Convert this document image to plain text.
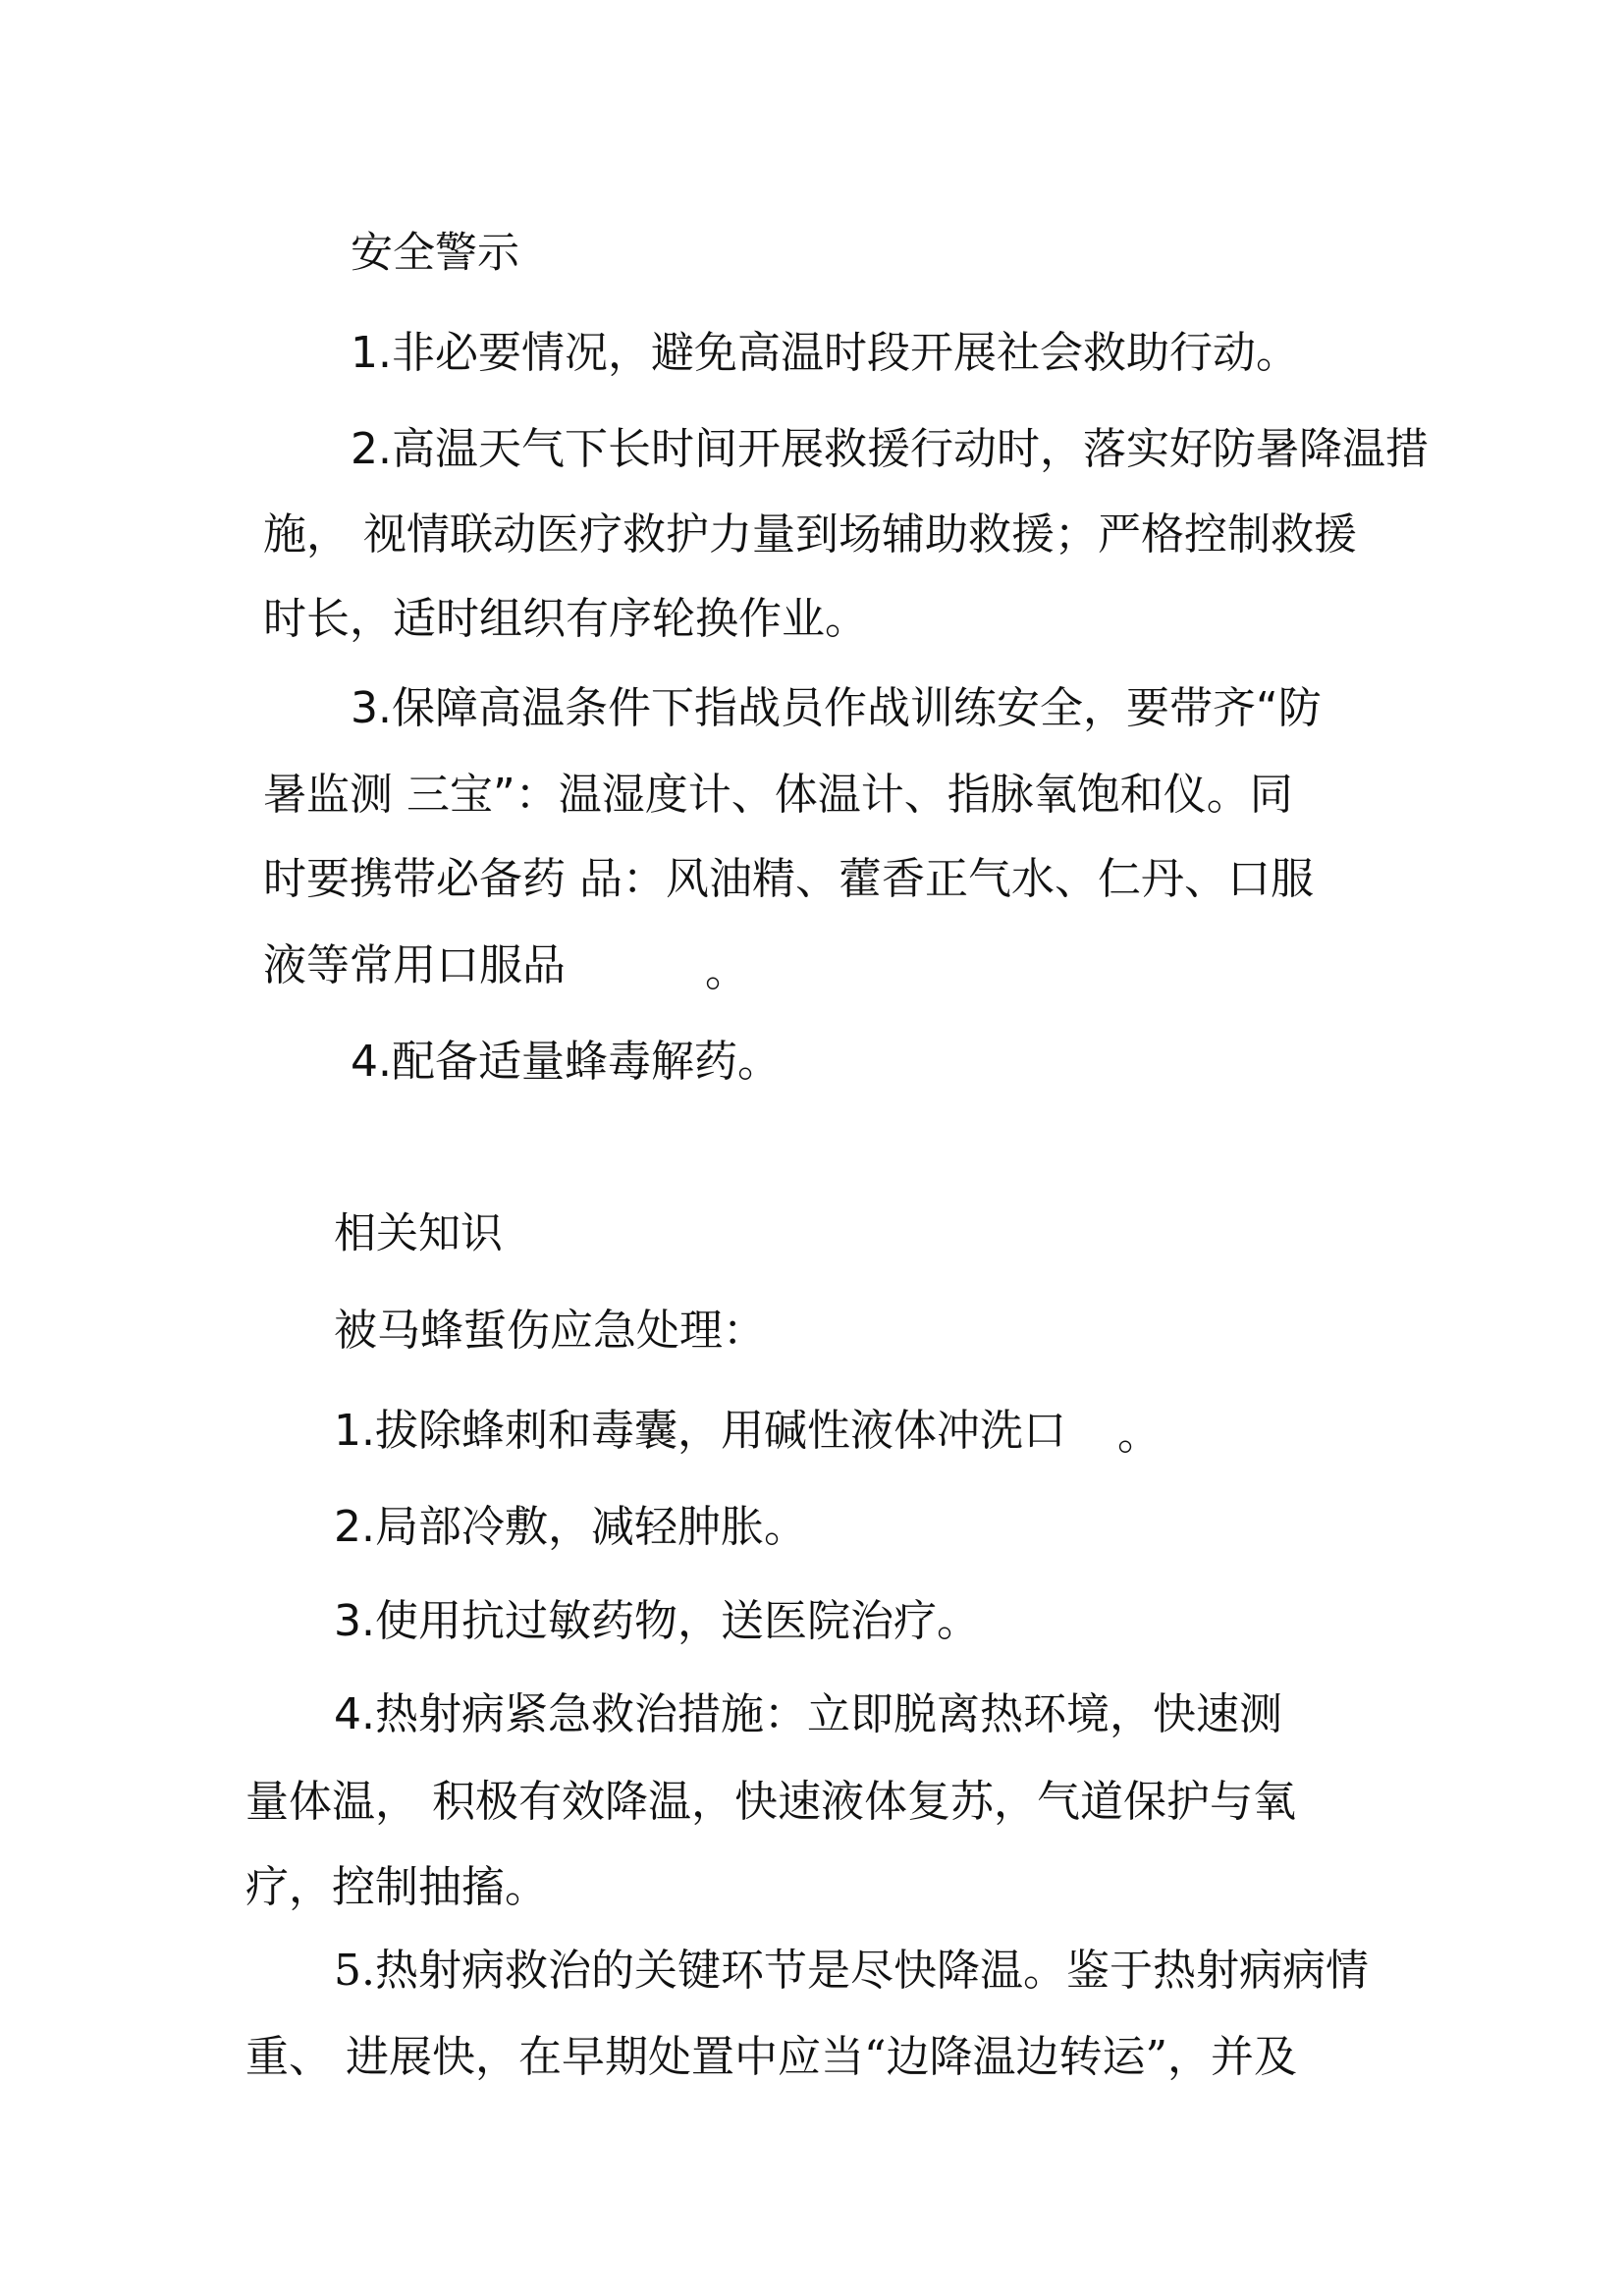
安全警示
1.非必要情况，避免高温时段开展社会救助行动。
2.高温天气下长时间开展救援行动时，落实好防暑降温措
施， 视情联动医疗救护力量到场辅助救援；严格控制救援
时长，适时组织有序轮换作业。
3.保障高温条件下指战员作战训练安全，要带齐“防
暑监测 三宝”：温湿度计、体温计、指脉氧饱和仪。同
时要携带必备药 品：风油精、藿香正气水、仁丹、口服
液等常用口服品	。
4.配备适量蜂毒解药。
相关知识
被马蜂蜇伤应急处理：
1.拔除蜂刺和毒囊，用碱性液体冲洗口 。
2.局部冷敷，减轻肿胀。
3.使用抗过敏药物，送医院治疗。
4.热射病紧急救治措施：立即脱离热环境，快速测
量体温， 积极有效降温，快速液体复苏，气道保护与氧
疗，控制抽搐。
5.热射病救治的关键环节是尽快降温。鉴于热射病病情
重、 进展快，在早期处置中应当“边降温边转运”，并及
